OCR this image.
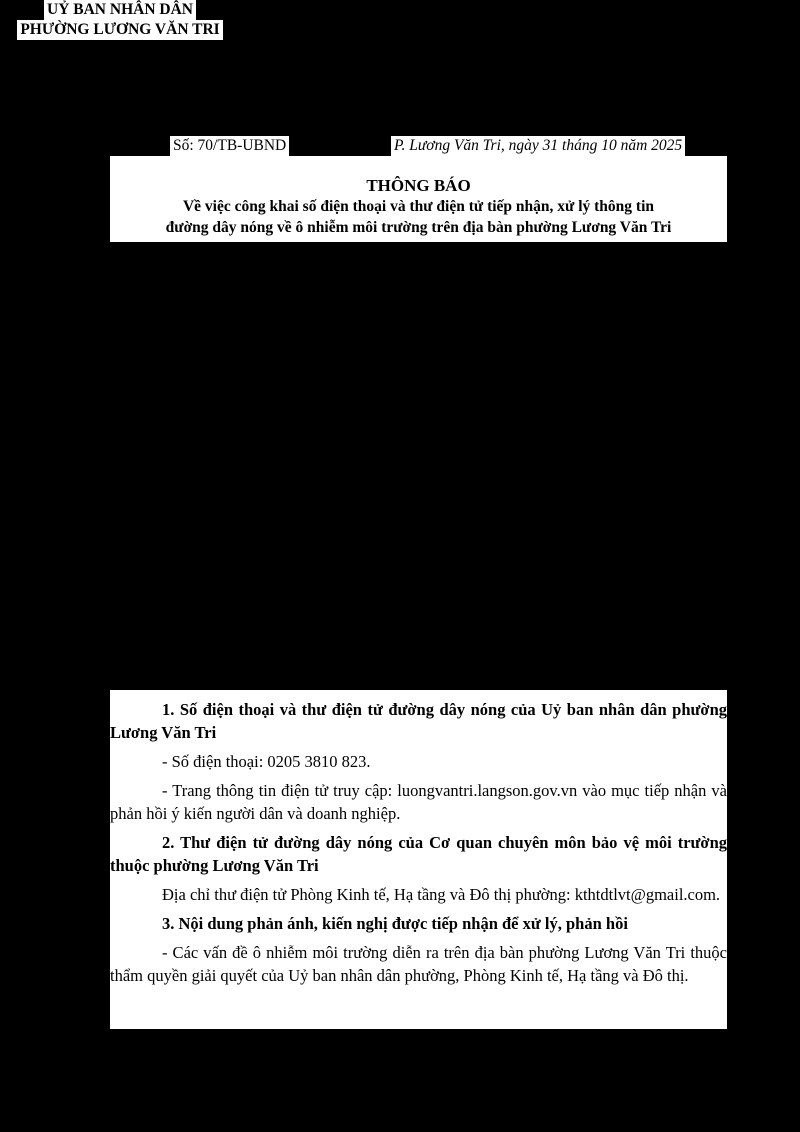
UỶ BAN NHÂN DÂN
PHƯỜNG LƯƠNG VĂN TRI
Số: 70/TB-UBND	P. Lương Văn Tri, ngày 31 tháng 10 năm 2025
THÔNG BÁO
Về việc công khai số điện thoại và thư điện tử tiếp nhận, xử lý thông tin
đường dây nóng về ô nhiễm môi trường trên địa bàn phường Lương Văn Tri

1. Số điện thoại và thư điện tử đường dây nóng của Uỷ ban nhân dân phường Lương Văn Tri

- Số điện thoại: 0205 3810 823.

- Trang thông tin điện tử truy cập: luongvantri.langson.gov.vn vào mục tiếp nhận và phản hồi ý kiến người dân và doanh nghiệp.

2. Thư điện tử đường dây nóng của Cơ quan chuyên môn bảo vệ môi trường thuộc phường Lương Văn Tri

Địa chỉ thư điện tử Phòng Kinh tế, Hạ tầng và Đô thị phường: kthtdtlvt@gmail.com.

3. Nội dung phản ánh, kiến nghị được tiếp nhận để xử lý, phản hồi

- Các vấn đề ô nhiễm môi trường diễn ra trên địa bàn phường Lương Văn Tri thuộc thẩm quyền giải quyết của Uỷ ban nhân dân phường, Phòng Kinh tế, Hạ tầng và Đô thị.
